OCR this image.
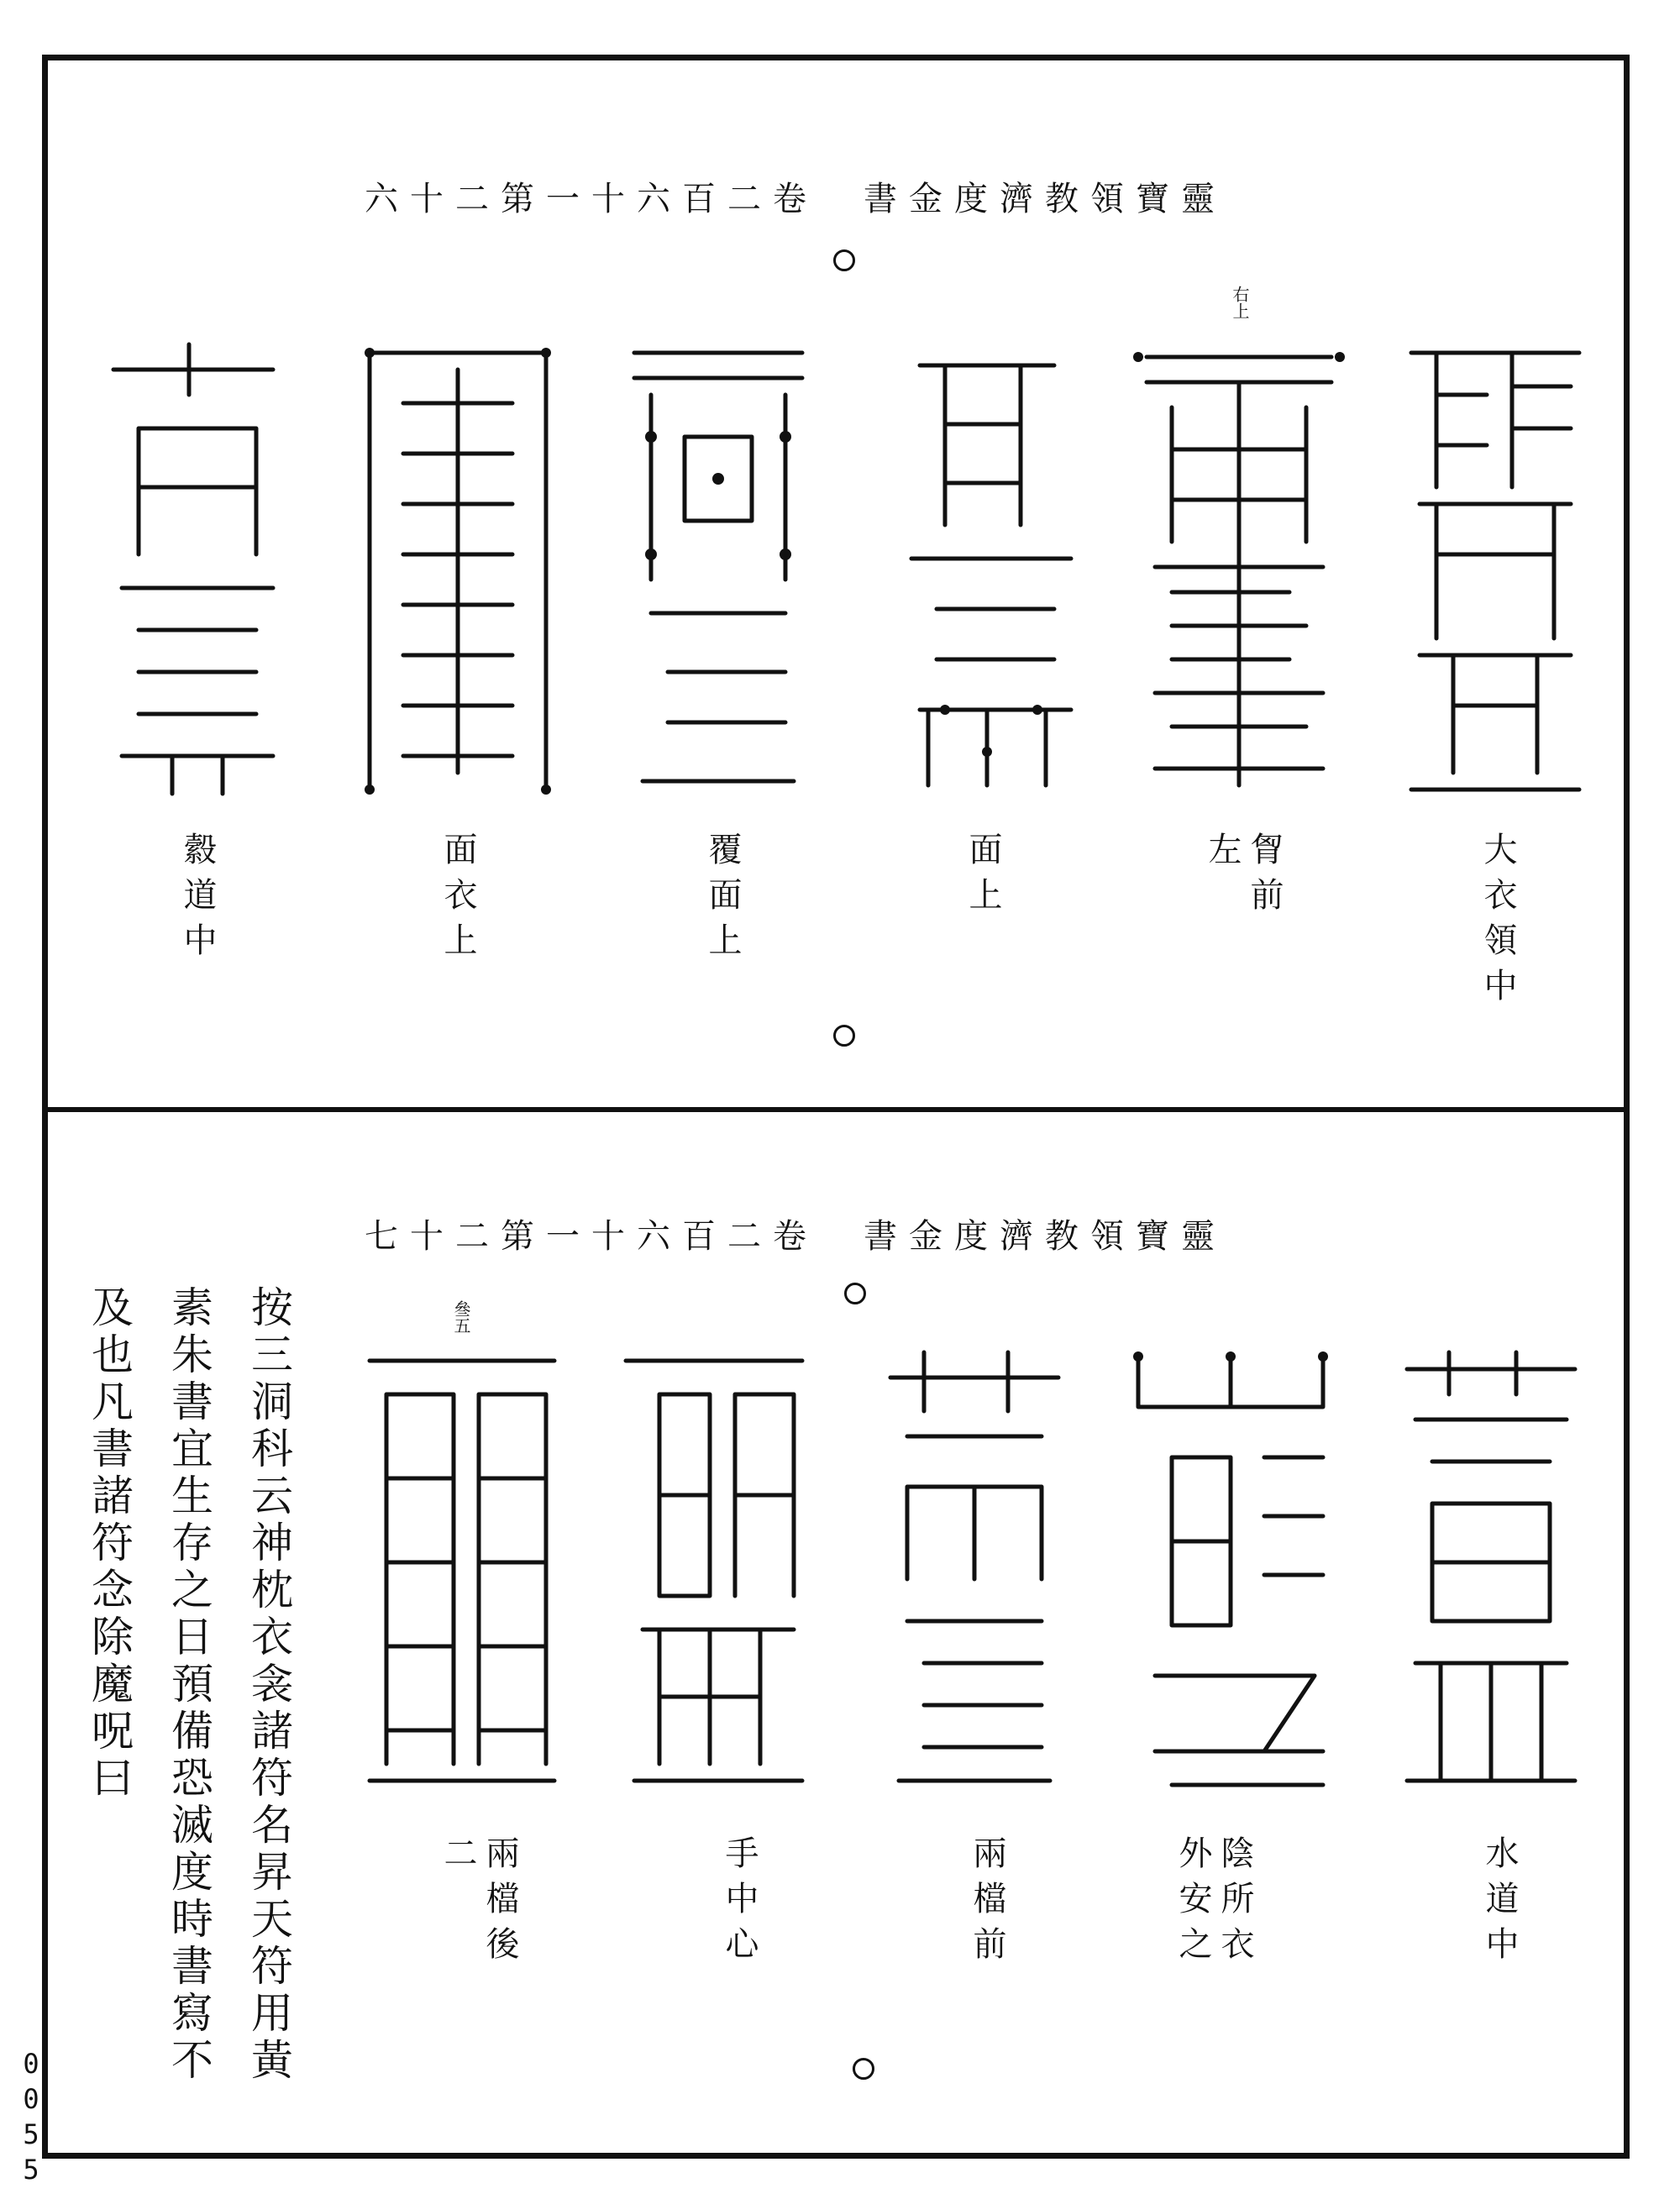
靈寶領教濟度金書　卷二百六十一第二十六
大衣領中
右上
胷前
左
面上
覆面上
面衣上
縠道中
靈寶領教濟度金書　卷二百六十一第二十七
水道中
陰所衣
外安之
兩檔前
手中心
叄五
兩檔後
二
按三洞科云神枕衣衾諸符名昇天符用黃
素朱書宜生存之日預備恐滅度時書寫不
及也凡書諸符念除魔呪曰
0055
